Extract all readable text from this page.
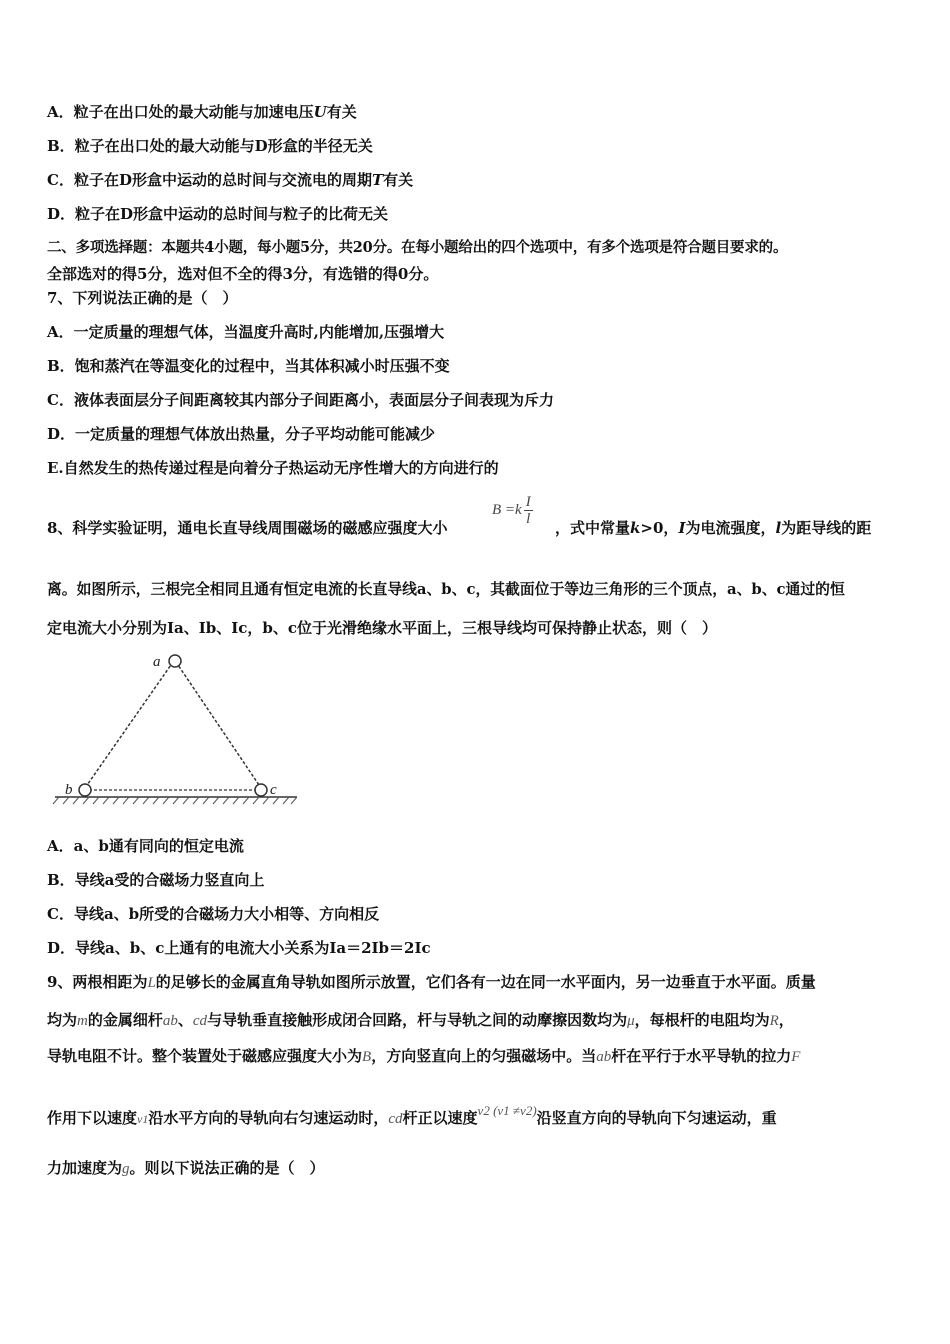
A．粒子在出口处的最大动能与加速电压U有关
B．粒子在出口处的最大动能与D形盒的半径无关
C．粒子在D形盒中运动的总时间与交流电的周期T有关
D．粒子在D形盒中运动的总时间与粒子的比荷无关
二、多项选择题：本题共4小题，每小题5分，共20分。在每小题给出的四个选项中，有多个选项是符合题目要求的。
全部选对的得5分，选对但不全的得3分，有选错的得0分。
7、下列说法正确的是（　）
A．一定质量的理想气体，当温度升高时,内能增加,压强增大
B．饱和蒸汽在等温变化的过程中，当其体积减小时压强不变
C．液体表面层分子间距离较其内部分子间距离小，表面层分子间表现为斥力
D．一定质量的理想气体放出热量，分子平均动能可能减少
E.自然发生的热传递过程是向着分子热运动无序性增大的方向进行的
8、科学实验证明，通电长直导线周围磁场的磁感应强度大小
$B =k \frac{I}{l}$
，式中常量k>0，I为电流强度，l为距导线的距
离。如图所示，三根完全相同且通有恒定电流的长直导线a、b、c，其截面位于等边三角形的三个顶点，a、b、c通过的恒
定电流大小分别为Ia、Ib、Ic，b、c位于光滑绝缘水平面上，三根导线均可保持静止状态，则（　）
a
b	c
A．a、b通有同向的恒定电流
B．导线a受的合磁场力竖直向上
C．导线a、b所受的合磁场力大小相等、方向相反
D．导线a、b、c上通有的电流大小关系为Ia＝2Ib＝2Ic
9、两根相距为L的足够长的金属直角导轨如图所示放置，它们各有一边在同一水平面内，另一边垂直于水平面。质量
均为m的金属细杆ab、cd与导轨垂直接触形成闭合回路，杆与导轨之间的动摩擦因数均为μ，每根杆的电阻均为R，
导轨电阻不计。整个装置处于磁感应强度大小为B，方向竖直向上的匀强磁场中。当ab杆在平行于水平导轨的拉力F
作用下以速度v1沿水平方向的导轨向右匀速运动时，cd杆正以速度v2 (v1 ≠v2)沿竖直方向的导轨向下匀速运动，重
力加速度为g。则以下说法正确的是（　）
